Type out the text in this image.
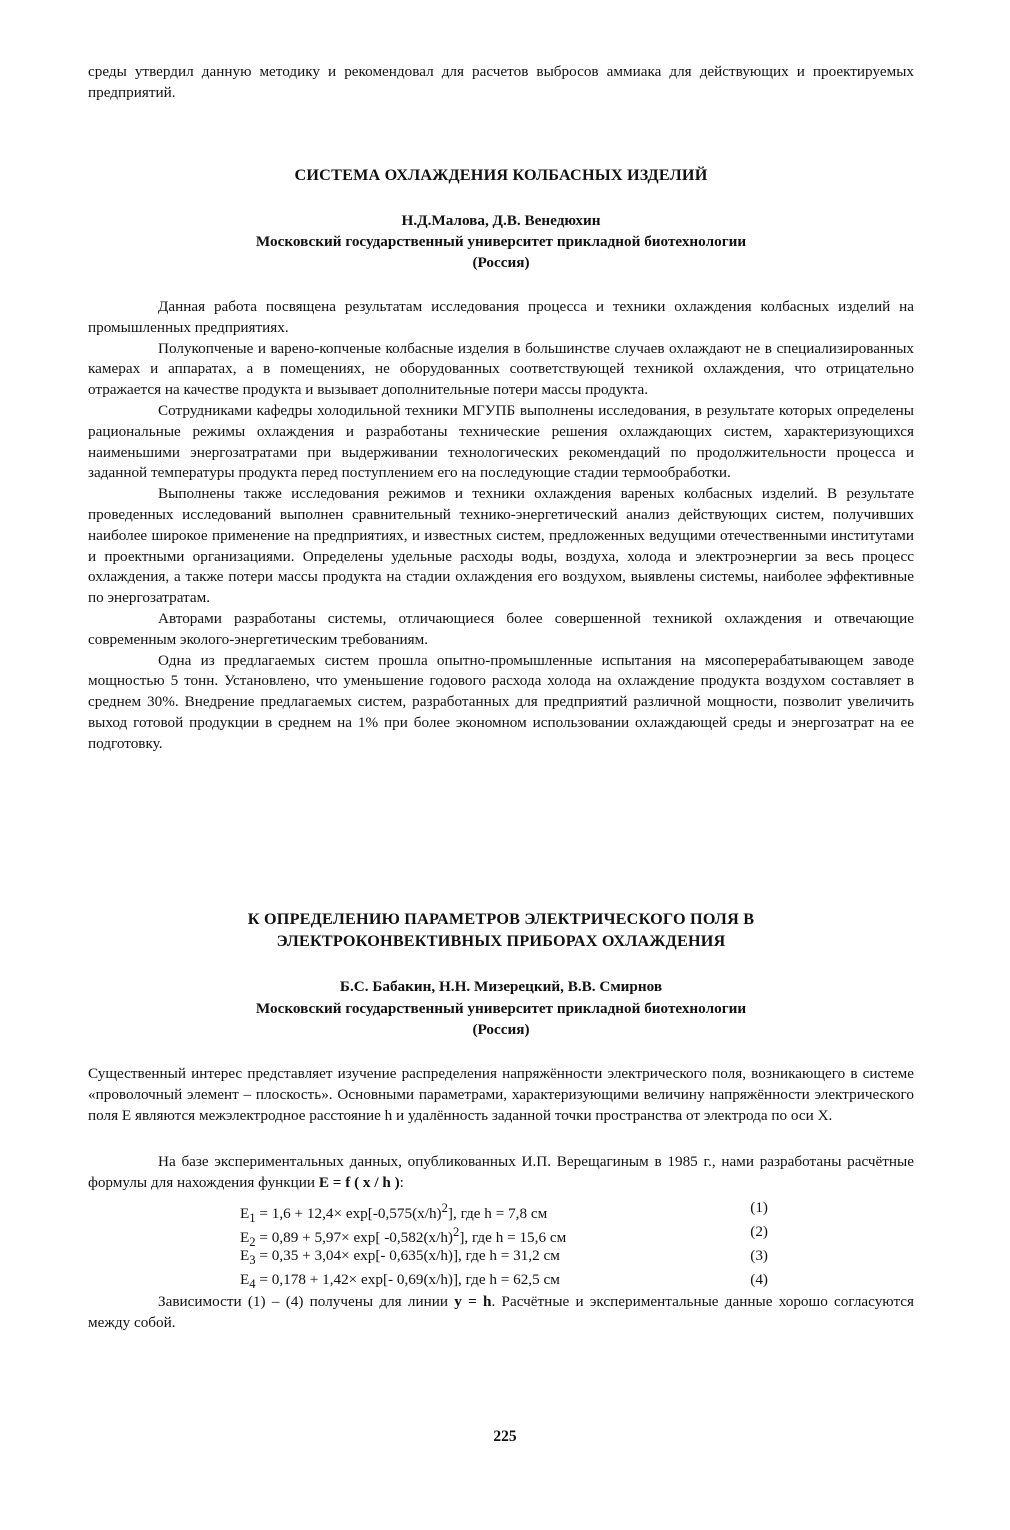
среды утвердил данную методику и рекомендовал для расчетов выбросов аммиака для действующих и проектируемых предприятий.

СИСТЕМА ОХЛАЖДЕНИЯ КОЛБАСНЫХ ИЗДЕЛИЙ
Н.Д.Малова, Д.В. Венедюхин
Московский государственный университет прикладной биотехнологии
(Россия)

Данная работа посвящена результатам исследования процесса и техники охлаждения колбасных изделий на промышленных предприятиях.

Полукопченые и варено-копченые колбасные изделия в большинстве случаев охлаждают не в специализированных камерах и аппаратах, а в помещениях, не оборудованных соответствующей техникой охлаждения, что отрицательно отражается на качестве продукта и вызывает дополнительные потери массы продукта.

Сотрудниками кафедры холодильной техники МГУПБ выполнены исследования, в результате которых определены рациональные режимы охлаждения и разработаны технические решения охлаждающих систем, характеризующихся наименьшими энергозатратами при выдерживании технологических рекомендаций по продолжительности процесса и заданной температуры продукта перед поступлением его на последующие стадии термообработки.

Выполнены также исследования режимов и техники охлаждения вареных колбасных изделий. В результате проведенных исследований выполнен сравнительный технико-энергетический анализ действующих систем, получивших наиболее широкое применение на предприятиях, и известных систем, предложенных ведущими отечественными институтами и проектными организациями. Определены удельные расходы воды, воздуха, холода и электроэнергии за весь процесс охлаждения, а также потери массы продукта на стадии охлаждения его воздухом, выявлены системы, наиболее эффективные по энергозатратам.

Авторами разработаны системы, отличающиеся более совершенной техникой охлаждения и отвечающие современным эколого-энергетическим требованиям.

Одна из предлагаемых систем прошла опытно-промышленные испытания на мясоперерабатывающем заводе мощностью 5 тонн. Установлено, что уменьшение годового расхода холода на охлаждение продукта воздухом составляет в среднем 30%. Внедрение предлагаемых систем, разработанных для предприятий различной мощности, позволит увеличить выход готовой продукции в среднем на 1% при более экономном использовании охлаждающей среды и энергозатрат на ее подготовку.

К ОПРЕДЕЛЕНИЮ ПАРАМЕТРОВ ЭЛЕКТРИЧЕСКОГО ПОЛЯ В
ЭЛЕКТРОКОНВЕКТИВНЫХ ПРИБОРАХ ОХЛАЖДЕНИЯ
Б.С. Бабакин, Н.Н. Мизерецкий, В.В. Смирнов
Московский государственный университет прикладной биотехнологии
(Россия)

Существенный интерес представляет изучение распределения напряжённости электрического поля, возникающего в системе «проволочный элемент – плоскость». Основными параметрами, характеризующими величину напряжённости электрического поля E являются межэлектродное расстояние h и удалённость заданной точки пространства от электрода по оси X.

На базе экспериментальных данных, опубликованных И.П. Верещагиным в 1985 г., нами разработаны расчётные формулы для нахождения функции E = f ( x / h ):

$E_1 = 1,6 + 12,4\times \exp[-0,575(x/h)^2]$, где h = 7,8 см	(1)
$E_2 = 0,89 + 5,97\times \exp$[ $-0,582(x/h)^2$], где h = 15,6 см	(2)
$E_3 = 0,35 + 3,04\times \exp[-$ 0,635(x/h)], где h = 31,2 см	(3)
$E_4 = 0,178 + 1,42\times \exp[-$ 0,69(x/h)], где h = 62,5 см	(4)

Зависимости (1) – (4) получены для линии y = h. Расчётные и экспериментальные данные хорошо согласуются между собой.

225
